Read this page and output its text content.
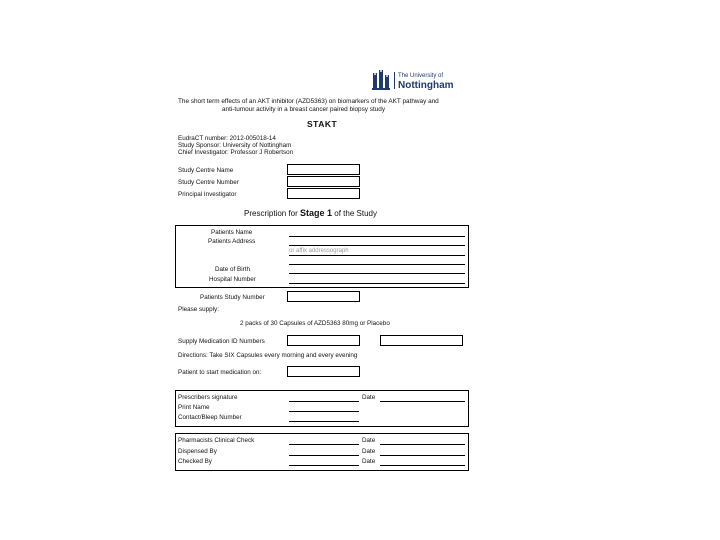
The University of
Nottingham
The short term effects of an AKT inhibitor (AZD5363) on biomarkers of the AKT pathway and
anti-tumour activity in a breast cancer paired biopsy study
STAKT
EudraCT number: 2012-005018-14
Study Sponsor: University of Nottingham
Chief Investigator: Professor J Robertson
Study Centre Name
Study Centre Number
Principal Investigator
Prescription for Stage 1 of the Study
Patients Name
Patients Address
or affix addressograph
Date of Birth
Hospital Number
Patients Study Number
Please supply:
2 packs of 30 Capsules of AZD5363 80mg or Placebo
Supply Medication ID Numbers
Directions: Take SIX Capsules every morning and every evening
Patient to start medication on:
Prescribers signature	Date
Print Name
Contact/Bleep Number
Pharmacists Clinical Check	Date
Dispensed By	Date
Checked By	Date
